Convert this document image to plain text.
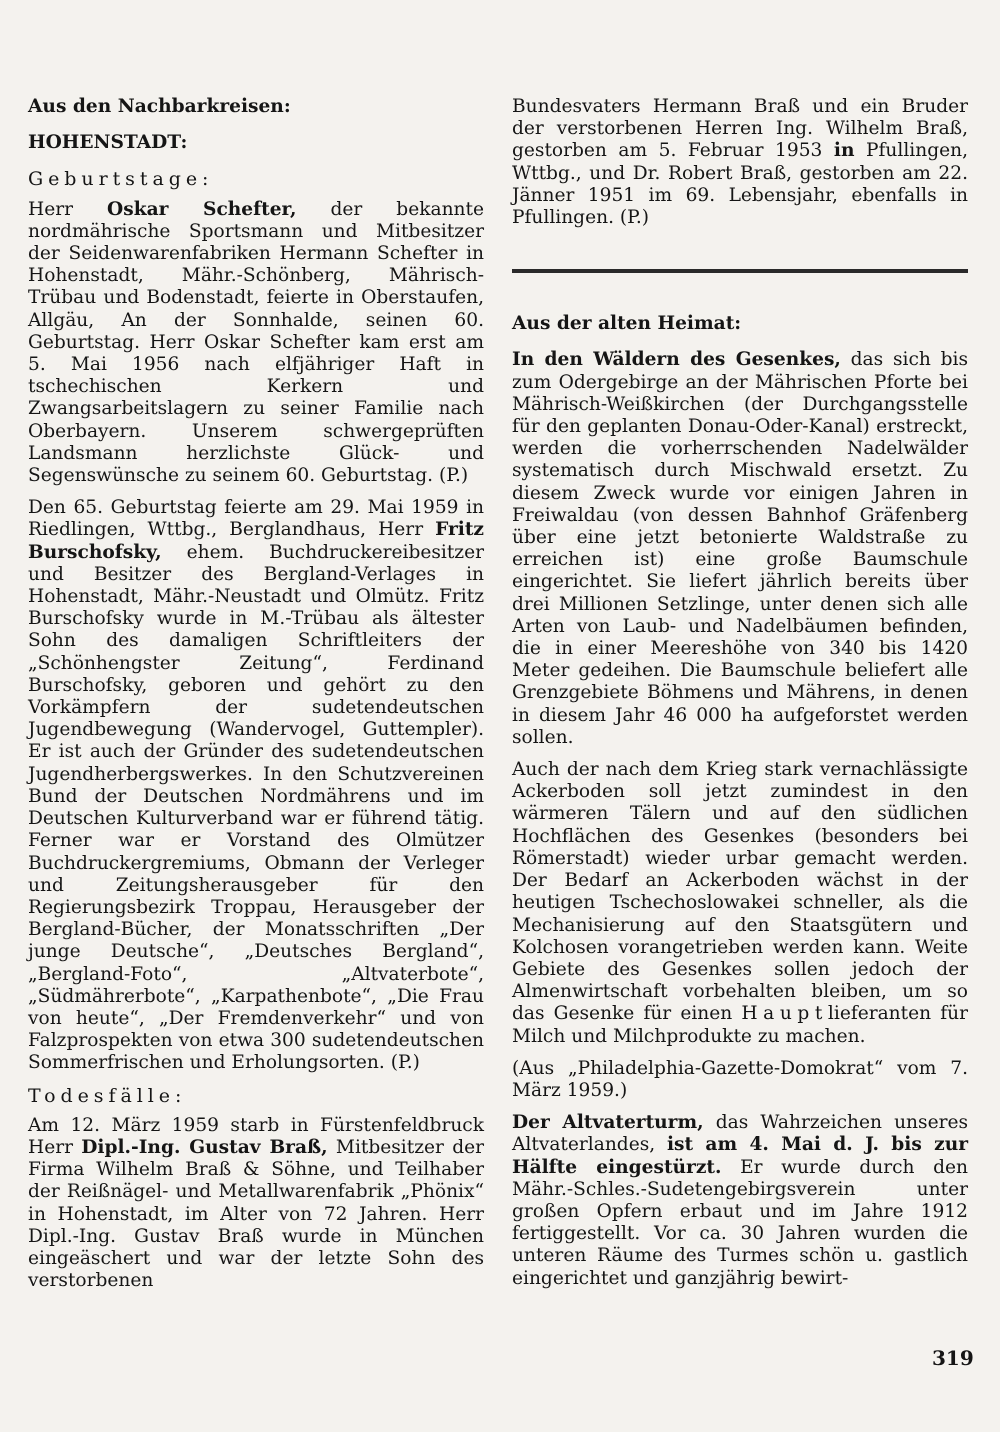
Aus den Nachbarkreisen:
HOHENSTADT:
Geburtstage:

Herr Oskar Schefter, der bekannte nordmährische Sportsmann und Mitbesitzer der Seidenwarenfabriken Hermann Schefter in Hohenstadt, Mähr.-Schönberg, Mährisch-Trübau und Bodenstadt, feierte in Oberstaufen, Allgäu, An der Sonnhalde, seinen 60. Geburtstag. Herr Oskar Schefter kam erst am 5. Mai 1956 nach elfjähriger Haft in tschechischen Kerkern und Zwangsarbeitslagern zu seiner Familie nach Oberbayern. Unserem schwergeprüften Landsmann herzlichste Glück- und Segenswünsche zu seinem 60. Geburtstag. (P.)

Den 65. Geburtstag feierte am 29. Mai 1959 in Riedlingen, Wttbg., Berglandhaus, Herr Fritz Burschofsky, ehem. Buchdruckereibesitzer und Besitzer des Bergland-Verlages in Hohenstadt, Mähr.-Neustadt und Olmütz. Fritz Burschofsky wurde in M.-Trübau als ältester Sohn des damaligen Schriftleiters der „Schönhengster Zeitung“, Ferdinand Burschofsky, geboren und gehört zu den Vorkämpfern der sudetendeutschen Jugendbewegung (Wandervogel, Guttempler). Er ist auch der Gründer des sudetendeutschen Jugendherbergswerkes. In den Schutzvereinen Bund der Deutschen Nordmährens und im Deutschen Kulturverband war er führend tätig. Ferner war er Vorstand des Olmützer Buchdruckergremiums, Obmann der Verleger und Zeitungsherausgeber für den Regierungsbezirk Troppau, Herausgeber der Bergland-Bücher, der Monatsschriften „Der junge Deutsche“, „Deutsches Bergland“, „Bergland-Foto“, „Altvaterbote“, „Südmährerbote“, „Karpathenbote“, „Die Frau von heute“, „Der Fremdenverkehr“ und von Falzprospekten von etwa 300 sudetendeutschen Sommerfrischen und Erholungsorten. (P.)

Todesfälle:

Am 12. März 1959 starb in Fürstenfeldbruck Herr Dipl.-Ing. Gustav Braß, Mitbesitzer der Firma Wilhelm Braß & Söhne, und Teilhaber der Reißnägel- und Metallwarenfabrik „Phönix“ in Hohenstadt, im Alter von 72 Jahren. Herr Dipl.-Ing. Gustav Braß wurde in München eingeäschert und war der letzte Sohn des verstorbenen

Bundesvaters Hermann Braß und ein Bruder der verstorbenen Herren Ing. Wilhelm Braß, gestorben am 5. Februar 1953 in Pfullingen, Wttbg., und Dr. Robert Braß, gestorben am 22. Jänner 1951 im 69. Lebensjahr, ebenfalls in Pfullingen. (P.)

Aus der alten Heimat:

In den Wäldern des Gesenkes, das sich bis zum Odergebirge an der Mährischen Pforte bei Mährisch-Weißkirchen (der Durchgangsstelle für den geplanten Donau-Oder-Kanal) erstreckt, werden die vorherrschenden Nadelwälder systematisch durch Mischwald ersetzt. Zu diesem Zweck wurde vor einigen Jahren in Freiwaldau (von dessen Bahnhof Gräfenberg über eine jetzt betonierte Waldstraße zu erreichen ist) eine große Baumschule eingerichtet. Sie liefert jährlich bereits über drei Millionen Setzlinge, unter denen sich alle Arten von Laub- und Nadelbäumen befinden, die in einer Meereshöhe von 340 bis 1420 Meter gedeihen. Die Baumschule beliefert alle Grenzgebiete Böhmens und Mährens, in denen in diesem Jahr 46 000 ha aufgeforstet werden sollen.

Auch der nach dem Krieg stark vernachlässigte Ackerboden soll jetzt zumindest in den wärmeren Tälern und auf den südlichen Hochflächen des Gesenkes (besonders bei Römerstadt) wieder urbar gemacht werden. Der Bedarf an Ackerboden wächst in der heutigen Tschechoslowakei schneller, als die Mechanisierung auf den Staatsgütern und Kolchosen vorangetrieben werden kann. Weite Gebiete des Gesenkes sollen jedoch der Almenwirtschaft vorbehalten bleiben, um so das Gesenke für einen Hauptlieferanten für Milch und Milchprodukte zu machen.

(Aus „Philadelphia-Gazette-Domokrat“ vom 7. März 1959.)

Der Altvaterturm, das Wahrzeichen unseres Altvaterlandes, ist am 4. Mai d. J. bis zur Hälfte eingestürzt. Er wurde durch den Mähr.-Schles.-Sudetengebirgsverein unter großen Opfern erbaut und im Jahre 1912 fertiggestellt. Vor ca. 30 Jahren wurden die unteren Räume des Turmes schön u. gastlich eingerichtet und ganzjährig bewirt-

319
